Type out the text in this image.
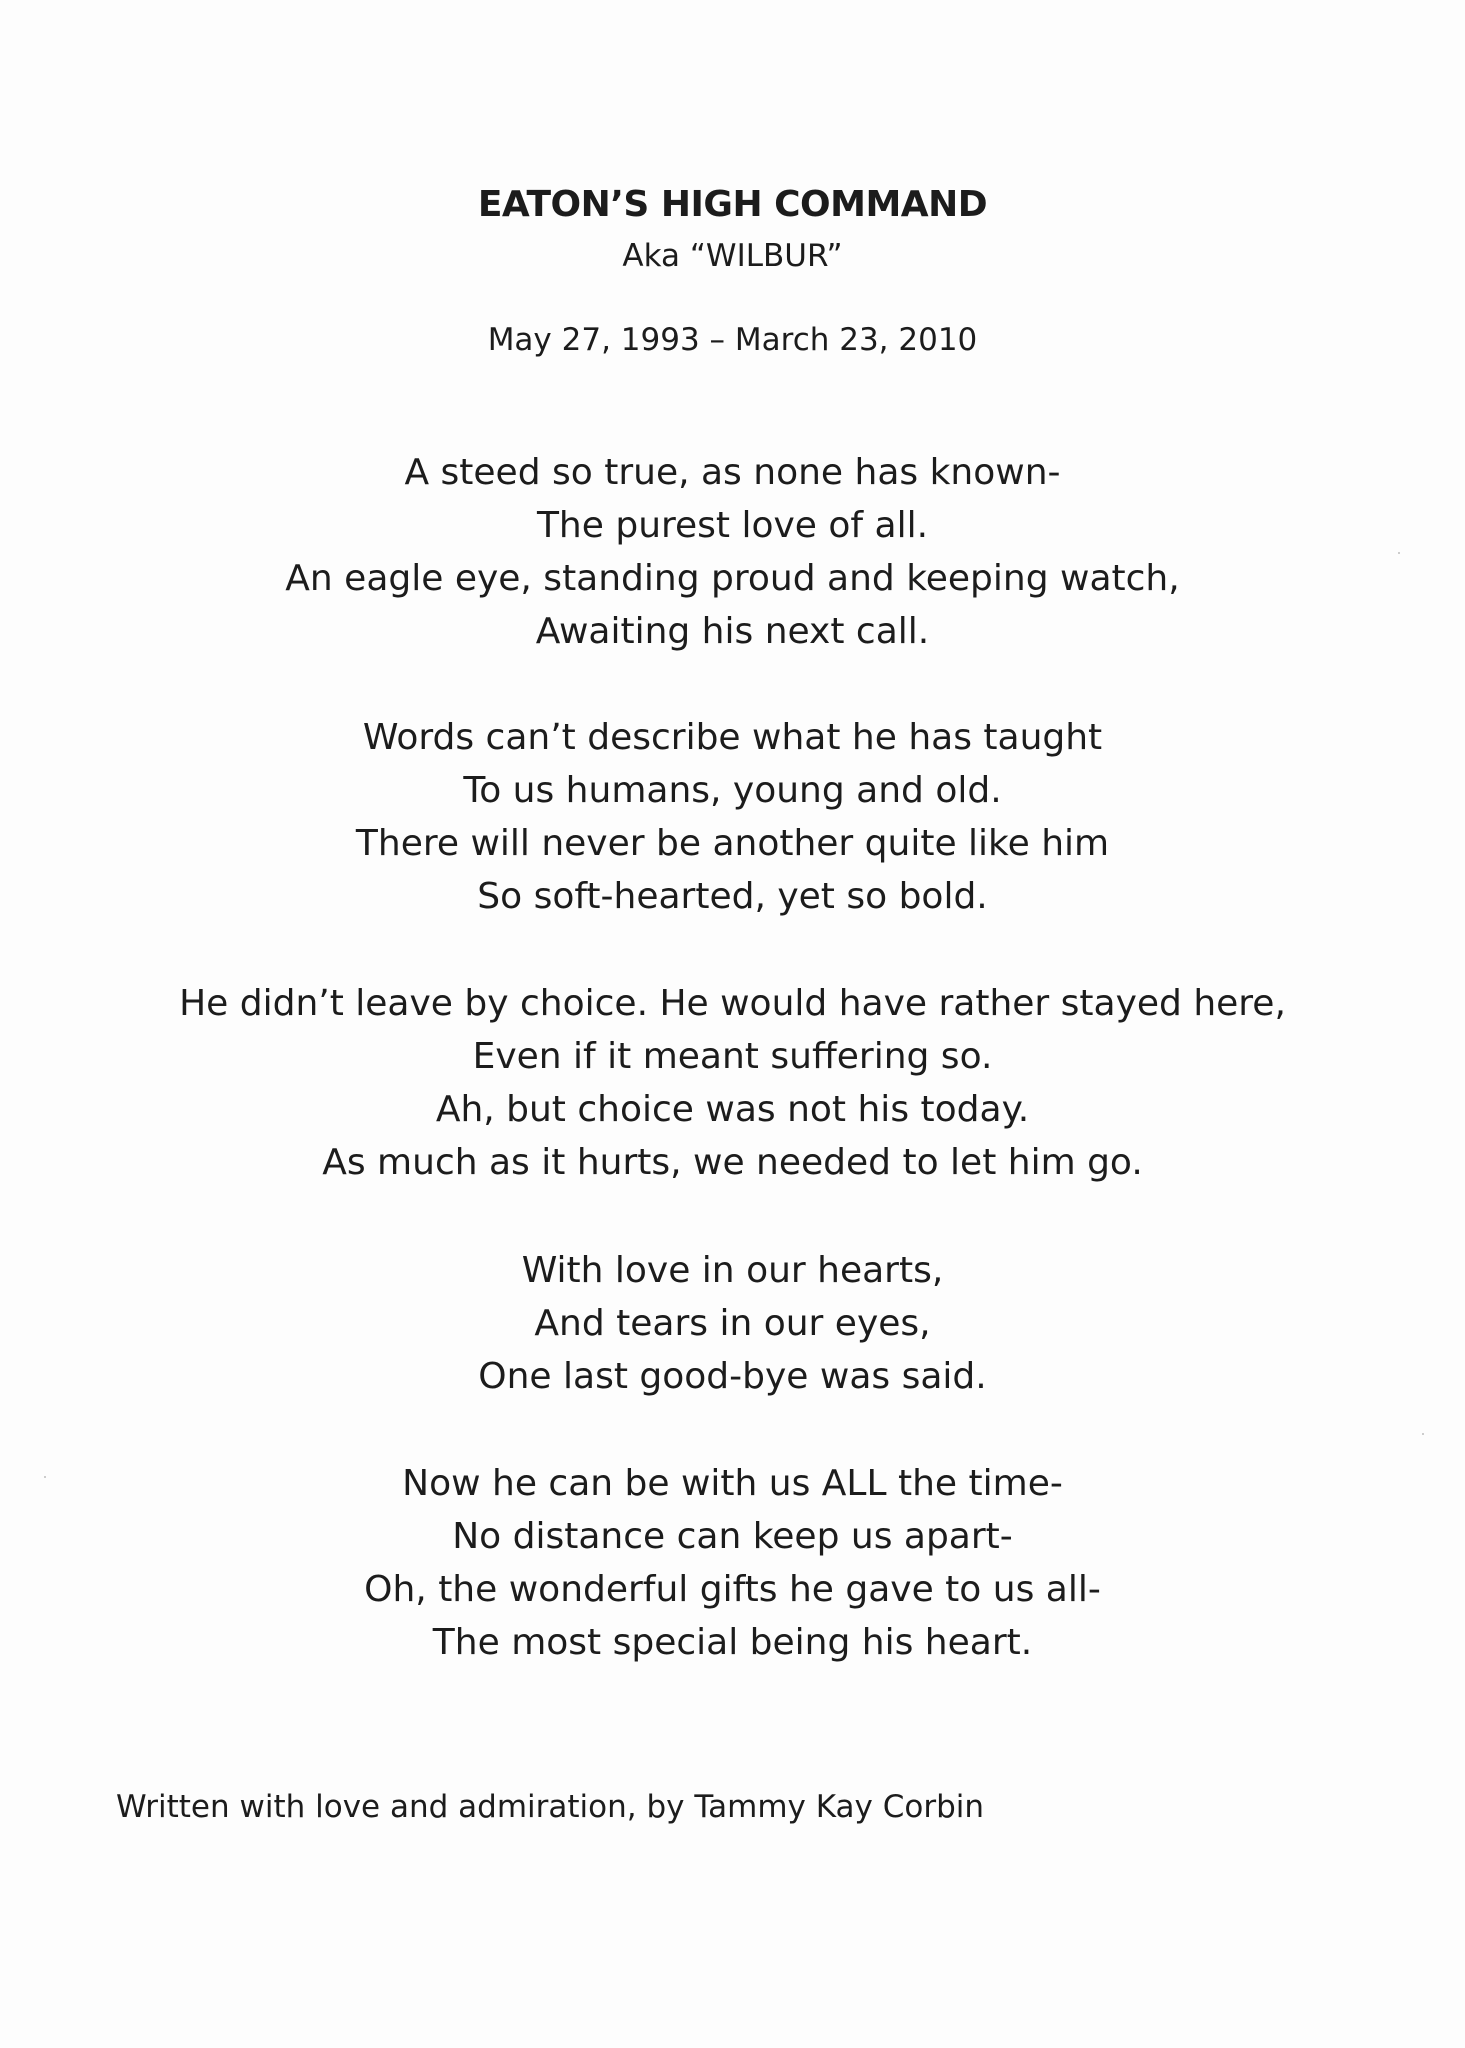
EATON’S HIGH COMMAND
Aka “WILBUR”
May 27, 1993 – March 23, 2010
A steed so true, as none has known-
The purest love of all.
An eagle eye, standing proud and keeping watch,
Awaiting his next call.
Words can’t describe what he has taught
To us humans, young and old.
There will never be another quite like him
So soft-hearted, yet so bold.
He didn’t leave by choice. He would have rather stayed here,
Even if it meant suffering so.
Ah, but choice was not his today.
As much as it hurts, we needed to let him go.
With love in our hearts,
And tears in our eyes,
One last good-bye was said.
Now he can be with us ALL the time-
No distance can keep us apart-
Oh, the wonderful gifts he gave to us all-
The most special being his heart.
Written with love and admiration, by Tammy Kay Corbin
